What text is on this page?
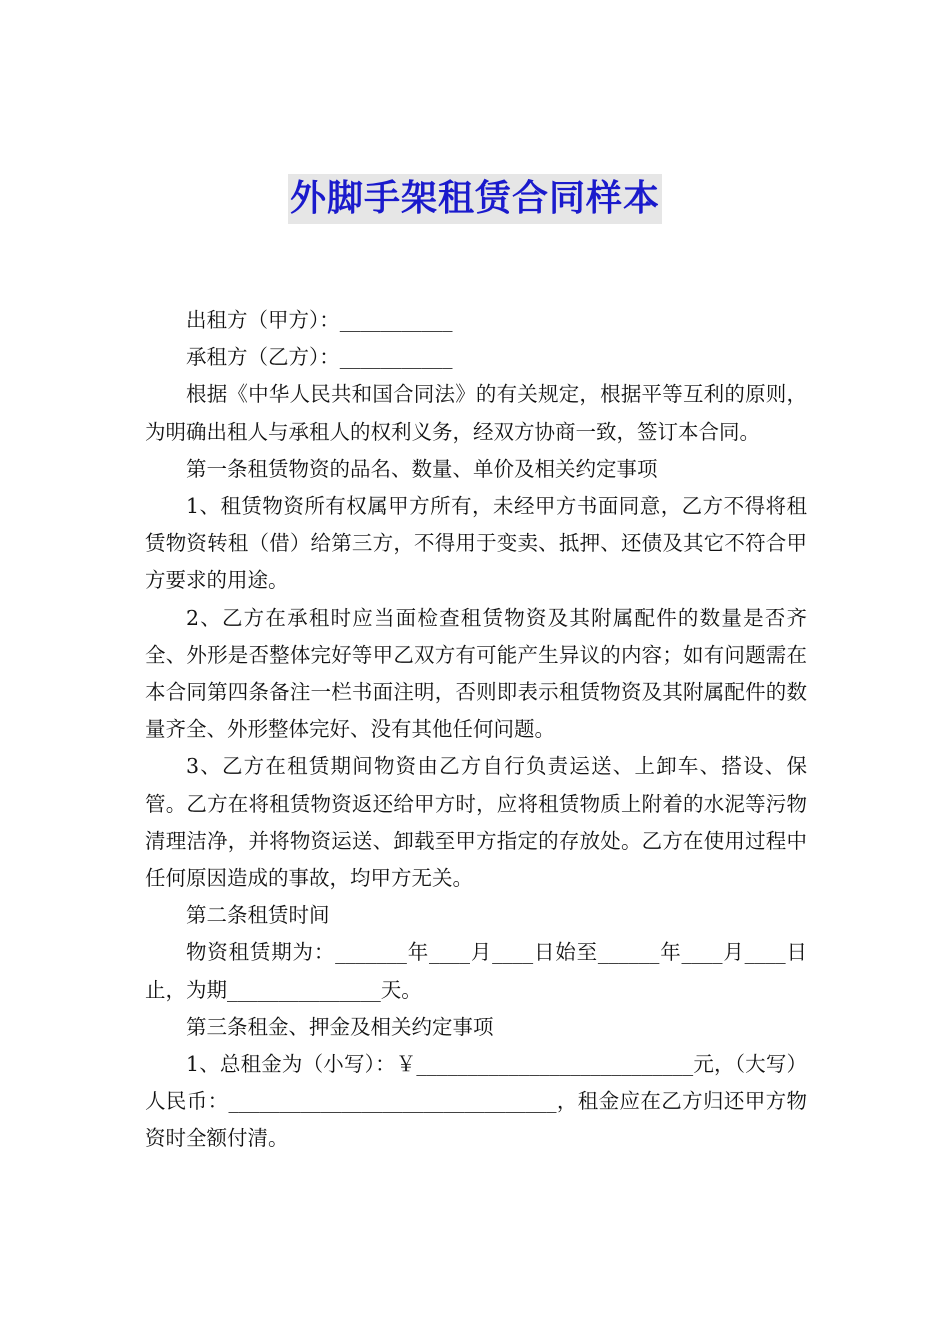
外脚手架租赁合同样本

出租方（甲方）：___________

承租方（乙方）：___________

根据《中华人民共和国合同法》的有关规定，根据平等互利的原则，为明确出租人与承租人的权利义务，经双方协商一致，签订本合同。

第一条租赁物资的品名、数量、单价及相关约定事项

1、租赁物资所有权属甲方所有，未经甲方书面同意，乙方不得将租赁物资转租（借）给第三方，不得用于变卖、抵押、还债及其它不符合甲方要求的用途。

2、乙方在承租时应当面检查租赁物资及其附属配件的数量是否齐全、外形是否整体完好等甲乙双方有可能产生异议的内容；如有问题需在本合同第四条备注一栏书面注明，否则即表示租赁物资及其附属配件的数量齐全、外形整体完好、没有其他任何问题。

3、乙方在租赁期间物资由乙方自行负责运送、上卸车、搭设、保管。乙方在将租赁物资返还给甲方时，应将租赁物质上附着的水泥等污物清理洁净，并将物资运送、卸载至甲方指定的存放处。乙方在使用过程中任何原因造成的事故，均甲方无关。

第二条租赁时间

物资租赁期为：_______年____月____日始至______年____月____日止，为期_______________天。

第三条租金、押金及相关约定事项

1、总租金为（小写）：￥___________________________元，（大写）人民币：________________________________，租金应在乙方归还甲方物资时全额付清。
